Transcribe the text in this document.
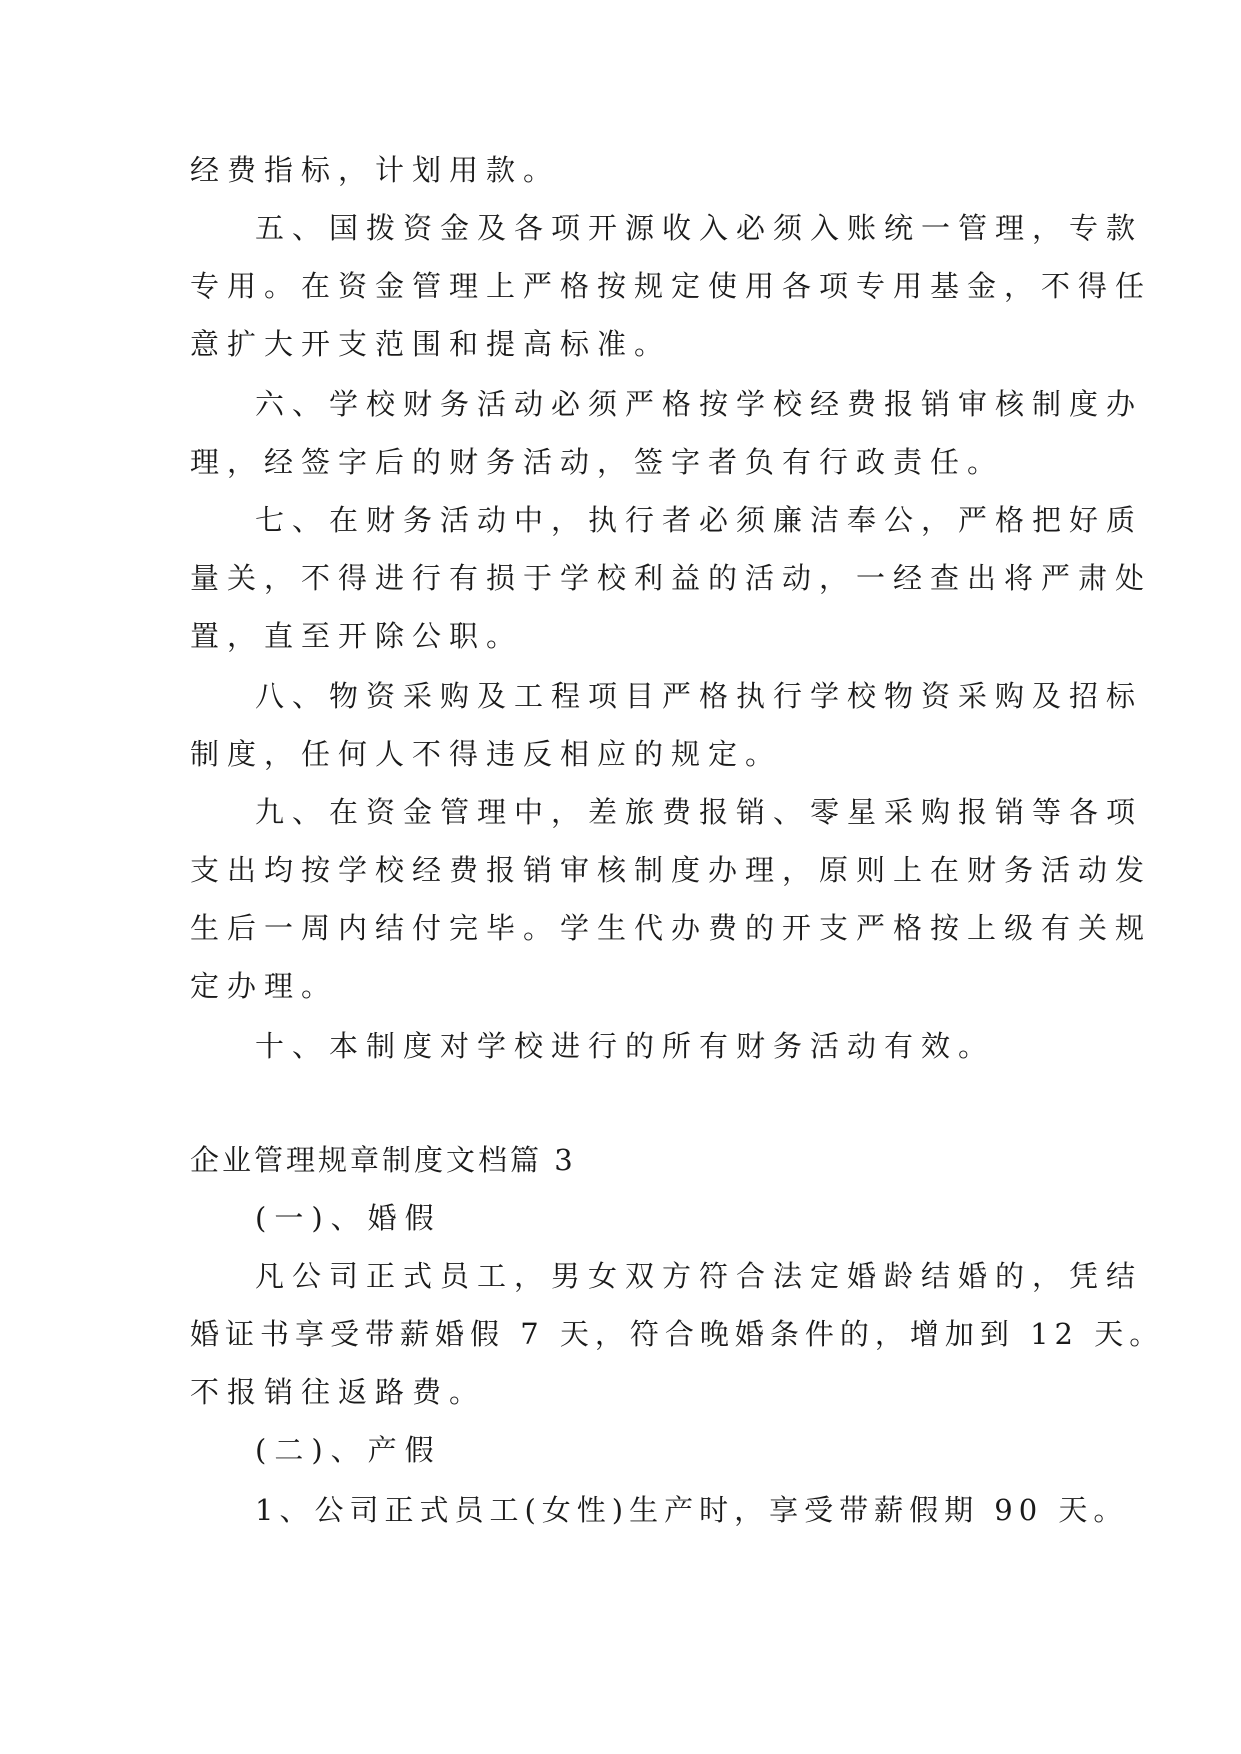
经费指标，计划用款。
五、国拨资金及各项开源收入必须入账统一管理，专款
专用。在资金管理上严格按规定使用各项专用基金，不得任
意扩大开支范围和提高标准。
六、学校财务活动必须严格按学校经费报销审核制度办
理，经签字后的财务活动，签字者负有行政责任。
七、在财务活动中，执行者必须廉洁奉公，严格把好质
量关，不得进行有损于学校利益的活动，一经查出将严肃处
置，直至开除公职。
八、物资采购及工程项目严格执行学校物资采购及招标
制度，任何人不得违反相应的规定。
九、在资金管理中，差旅费报销、零星采购报销等各项
支出均按学校经费报销审核制度办理，原则上在财务活动发
生后一周内结付完毕。学生代办费的开支严格按上级有关规
定办理。
十、本制度对学校进行的所有财务活动有效。
企业管理规章制度文档篇 3
(一)、婚假
凡公司正式员工，男女双方符合法定婚龄结婚的，凭结
婚证书享受带薪婚假 7 天，符合晚婚条件的，增加到 12 天。
不报销往返路费。
(二)、产假
1、公司正式员工(女性)生产时，享受带薪假期 90 天。
